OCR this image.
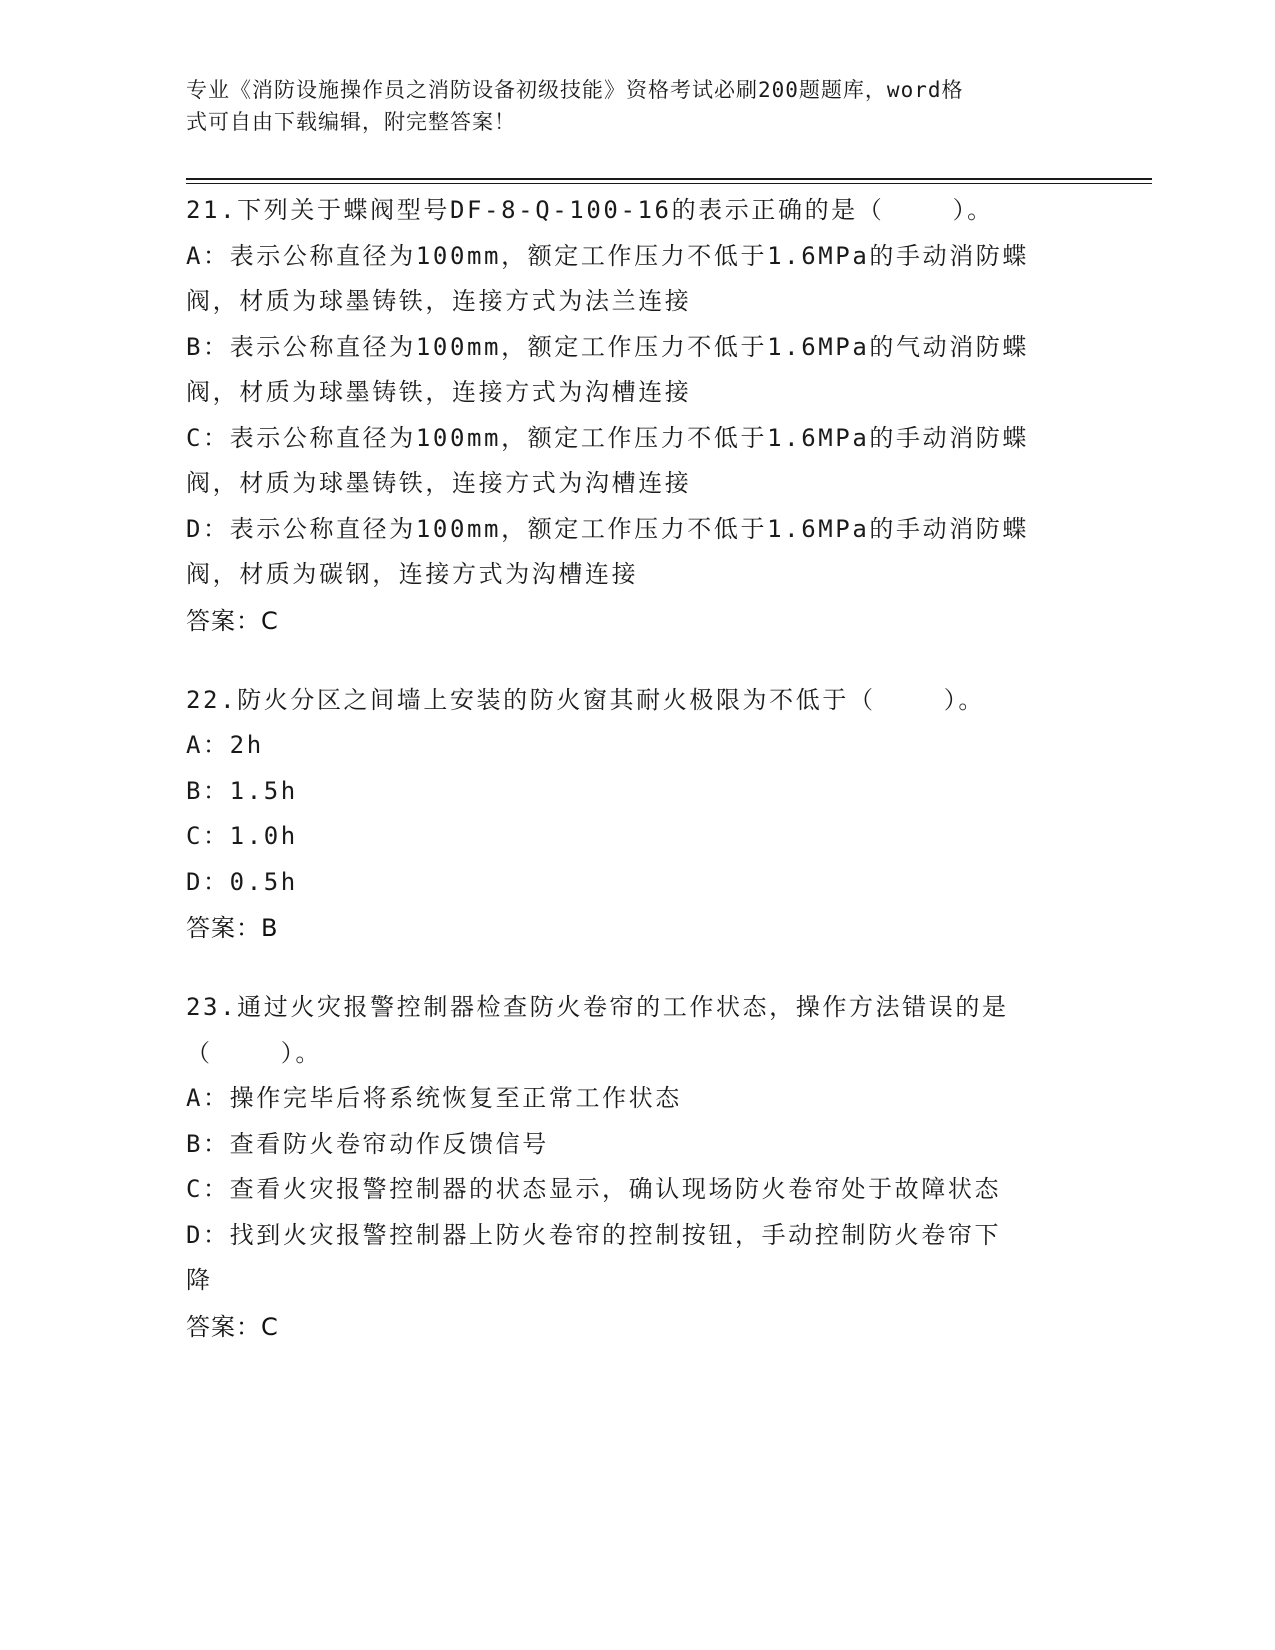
专业《消防设施操作员之消防设备初级技能》资格考试必刷200题题库，word格
式可自由下载编辑，附完整答案！
21.下列关于蝶阀型号DF-8-Q-100-16的表示正确的是（    ）。
A：表示公称直径为100mm，额定工作压力不低于1.6MPa的手动消防蝶
阀，材质为球墨铸铁，连接方式为法兰连接
B：表示公称直径为100mm，额定工作压力不低于1.6MPa的气动消防蝶
阀，材质为球墨铸铁，连接方式为沟槽连接
C：表示公称直径为100mm，额定工作压力不低于1.6MPa的手动消防蝶
阀，材质为球墨铸铁，连接方式为沟槽连接
D：表示公称直径为100mm，额定工作压力不低于1.6MPa的手动消防蝶
阀，材质为碳钢，连接方式为沟槽连接
答案：C
22.防火分区之间墙上安装的防火窗其耐火极限为不低于（    ）。
A：2h
B：1.5h
C：1.0h
D：0.5h
答案：B
23.通过火灾报警控制器检查防火卷帘的工作状态，操作方法错误的是
（    ）。
A：操作完毕后将系统恢复至正常工作状态
B：查看防火卷帘动作反馈信号
C：查看火灾报警控制器的状态显示，确认现场防火卷帘处于故障状态
D：找到火灾报警控制器上防火卷帘的控制按钮，手动控制防火卷帘下
降
答案：C
